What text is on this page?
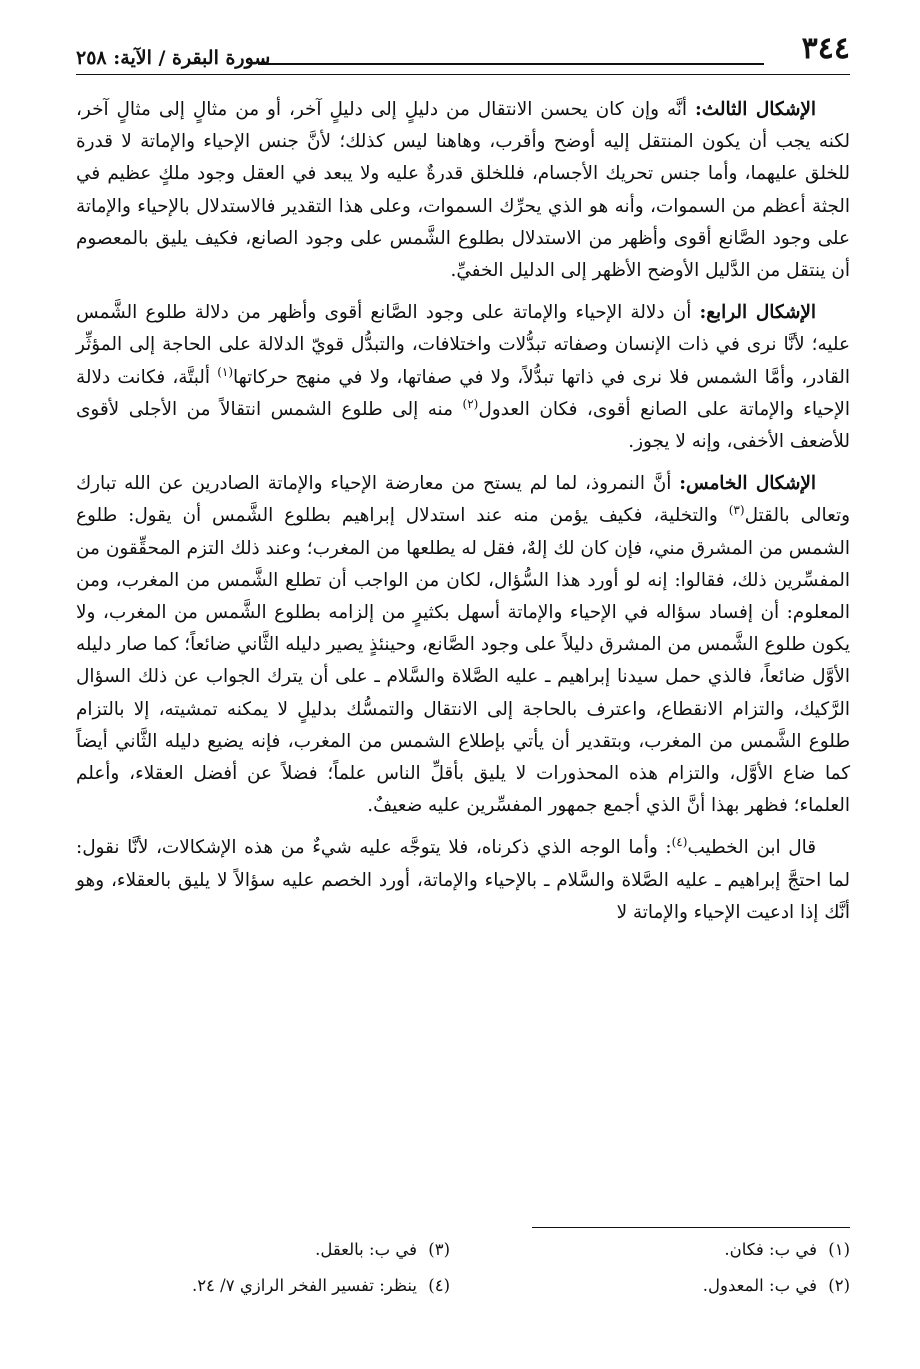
٣٤٤
سورة البقرة / الآية: ٢٥٨

الإشكال الثالث: أنَّه وإن كان يحسن الانتقال من دليلٍ إلى دليلٍ آخر، أو من مثالٍ إلى مثالٍ آخر، لكنه يجب أن يكون المنتقل إليه أوضح وأقرب، وهاهنا ليس كذلك؛ لأنَّ جنس الإحياء والإماتة لا قدرة للخلق عليهما، وأما جنس تحريك الأجسام، فللخلق قدرةٌ عليه ولا يبعد في العقل وجود ملكٍ عظيم في الجثة أعظم من السموات، وأنه هو الذي يحرِّك السموات، وعلى هذا التقدير فالاستدلال بالإحياء والإماتة على وجود الصَّانع أقوى وأظهر من الاستدلال بطلوع الشَّمس على وجود الصانع، فكيف يليق بالمعصوم أن ينتقل من الدَّليل الأوضح الأظهر إلى الدليل الخفيِّ.

الإشكال الرابع: أن دلالة الإحياء والإماتة على وجود الصَّانع أقوى وأظهر من دلالة طلوع الشَّمس عليه؛ لأنَّا نرى في ذات الإنسان وصفاته تبدُّلات واختلافات، والتبدُّل قويّ الدلالة على الحاجة إلى المؤثِّر القادر، وأمَّا الشمس فلا نرى في ذاتها تبدُّلاً، ولا في صفاتها، ولا في منهج حركاتها$^{(١)}$ ألبتَّة، فكانت دلالة الإحياء والإماتة على الصانع أقوى، فكان العدول$^{(٢)}$ منه إلى طلوع الشمس انتقالاً من الأجلى لأقوى للأضعف الأخفى، وإنه لا يجوز.

الإشكال الخامس: أنَّ النمروذ، لما لم يستح من معارضة الإحياء والإماتة الصادرين عن الله تبارك وتعالى بالقتل$^{(٣)}$ والتخلية، فكيف يؤمن منه عند استدلال إبراهيم بطلوع الشَّمس أن يقول: طلوع الشمس من المشرق مني، فإن كان لك إلهٌ، فقل له يطلعها من المغرب؛ وعند ذلك التزم المحقِّقون من المفسِّرين ذلك، فقالوا: إنه لو أورد هذا السُّؤال، لكان من الواجب أن تطلع الشَّمس من المغرب، ومن المعلوم: أن إفساد سؤاله في الإحياء والإماتة أسهل بكثيرٍ من إلزامه بطلوع الشَّمس من المغرب، ولا يكون طلوع الشَّمس من المشرق دليلاً على وجود الصَّانع، وحينئذٍ يصير دليله الثَّاني ضائعاً؛ كما صار دليله الأوَّل ضائعاً، فالذي حمل سيدنا إبراهيم ـ عليه الصَّلاة والسَّلام ـ على أن يترك الجواب عن ذلك السؤال الرَّكيك، والتزام الانقطاع، واعترف بالحاجة إلى الانتقال والتمسُّك بدليلٍ لا يمكنه تمشيته، إلا بالتزام طلوع الشَّمس من المغرب، وبتقدير أن يأتي بإطلاع الشمس من المغرب، فإنه يضيع دليله الثَّاني أيضاً كما ضاع الأوَّل، والتزام هذه المحذورات لا يليق بأقلِّ الناس علماً؛ فضلاً عن أفضل العقلاء، وأعلم العلماء؛ فظهر بهذا أنَّ الذي أجمع جمهور المفسِّرين عليه ضعيفٌ.

قال ابن الخطيب$^{(٤)}$: وأما الوجه الذي ذكرناه، فلا يتوجَّه عليه شيءٌ من هذه الإشكالات، لأنَّا نقول: لما احتجَّ إبراهيم ـ عليه الصَّلاة والسَّلام ـ بالإحياء والإماتة، أورد الخصم عليه سؤالاً لا يليق بالعقلاء، وهو أنَّك إذا ادعيت الإحياء والإماتة لا

(١) في ب: فكان.
(٢) في ب: المعدول.
(٣) في ب: بالعقل.
(٤) ينظر: تفسير الفخر الرازي ٧/ ٢٤.
